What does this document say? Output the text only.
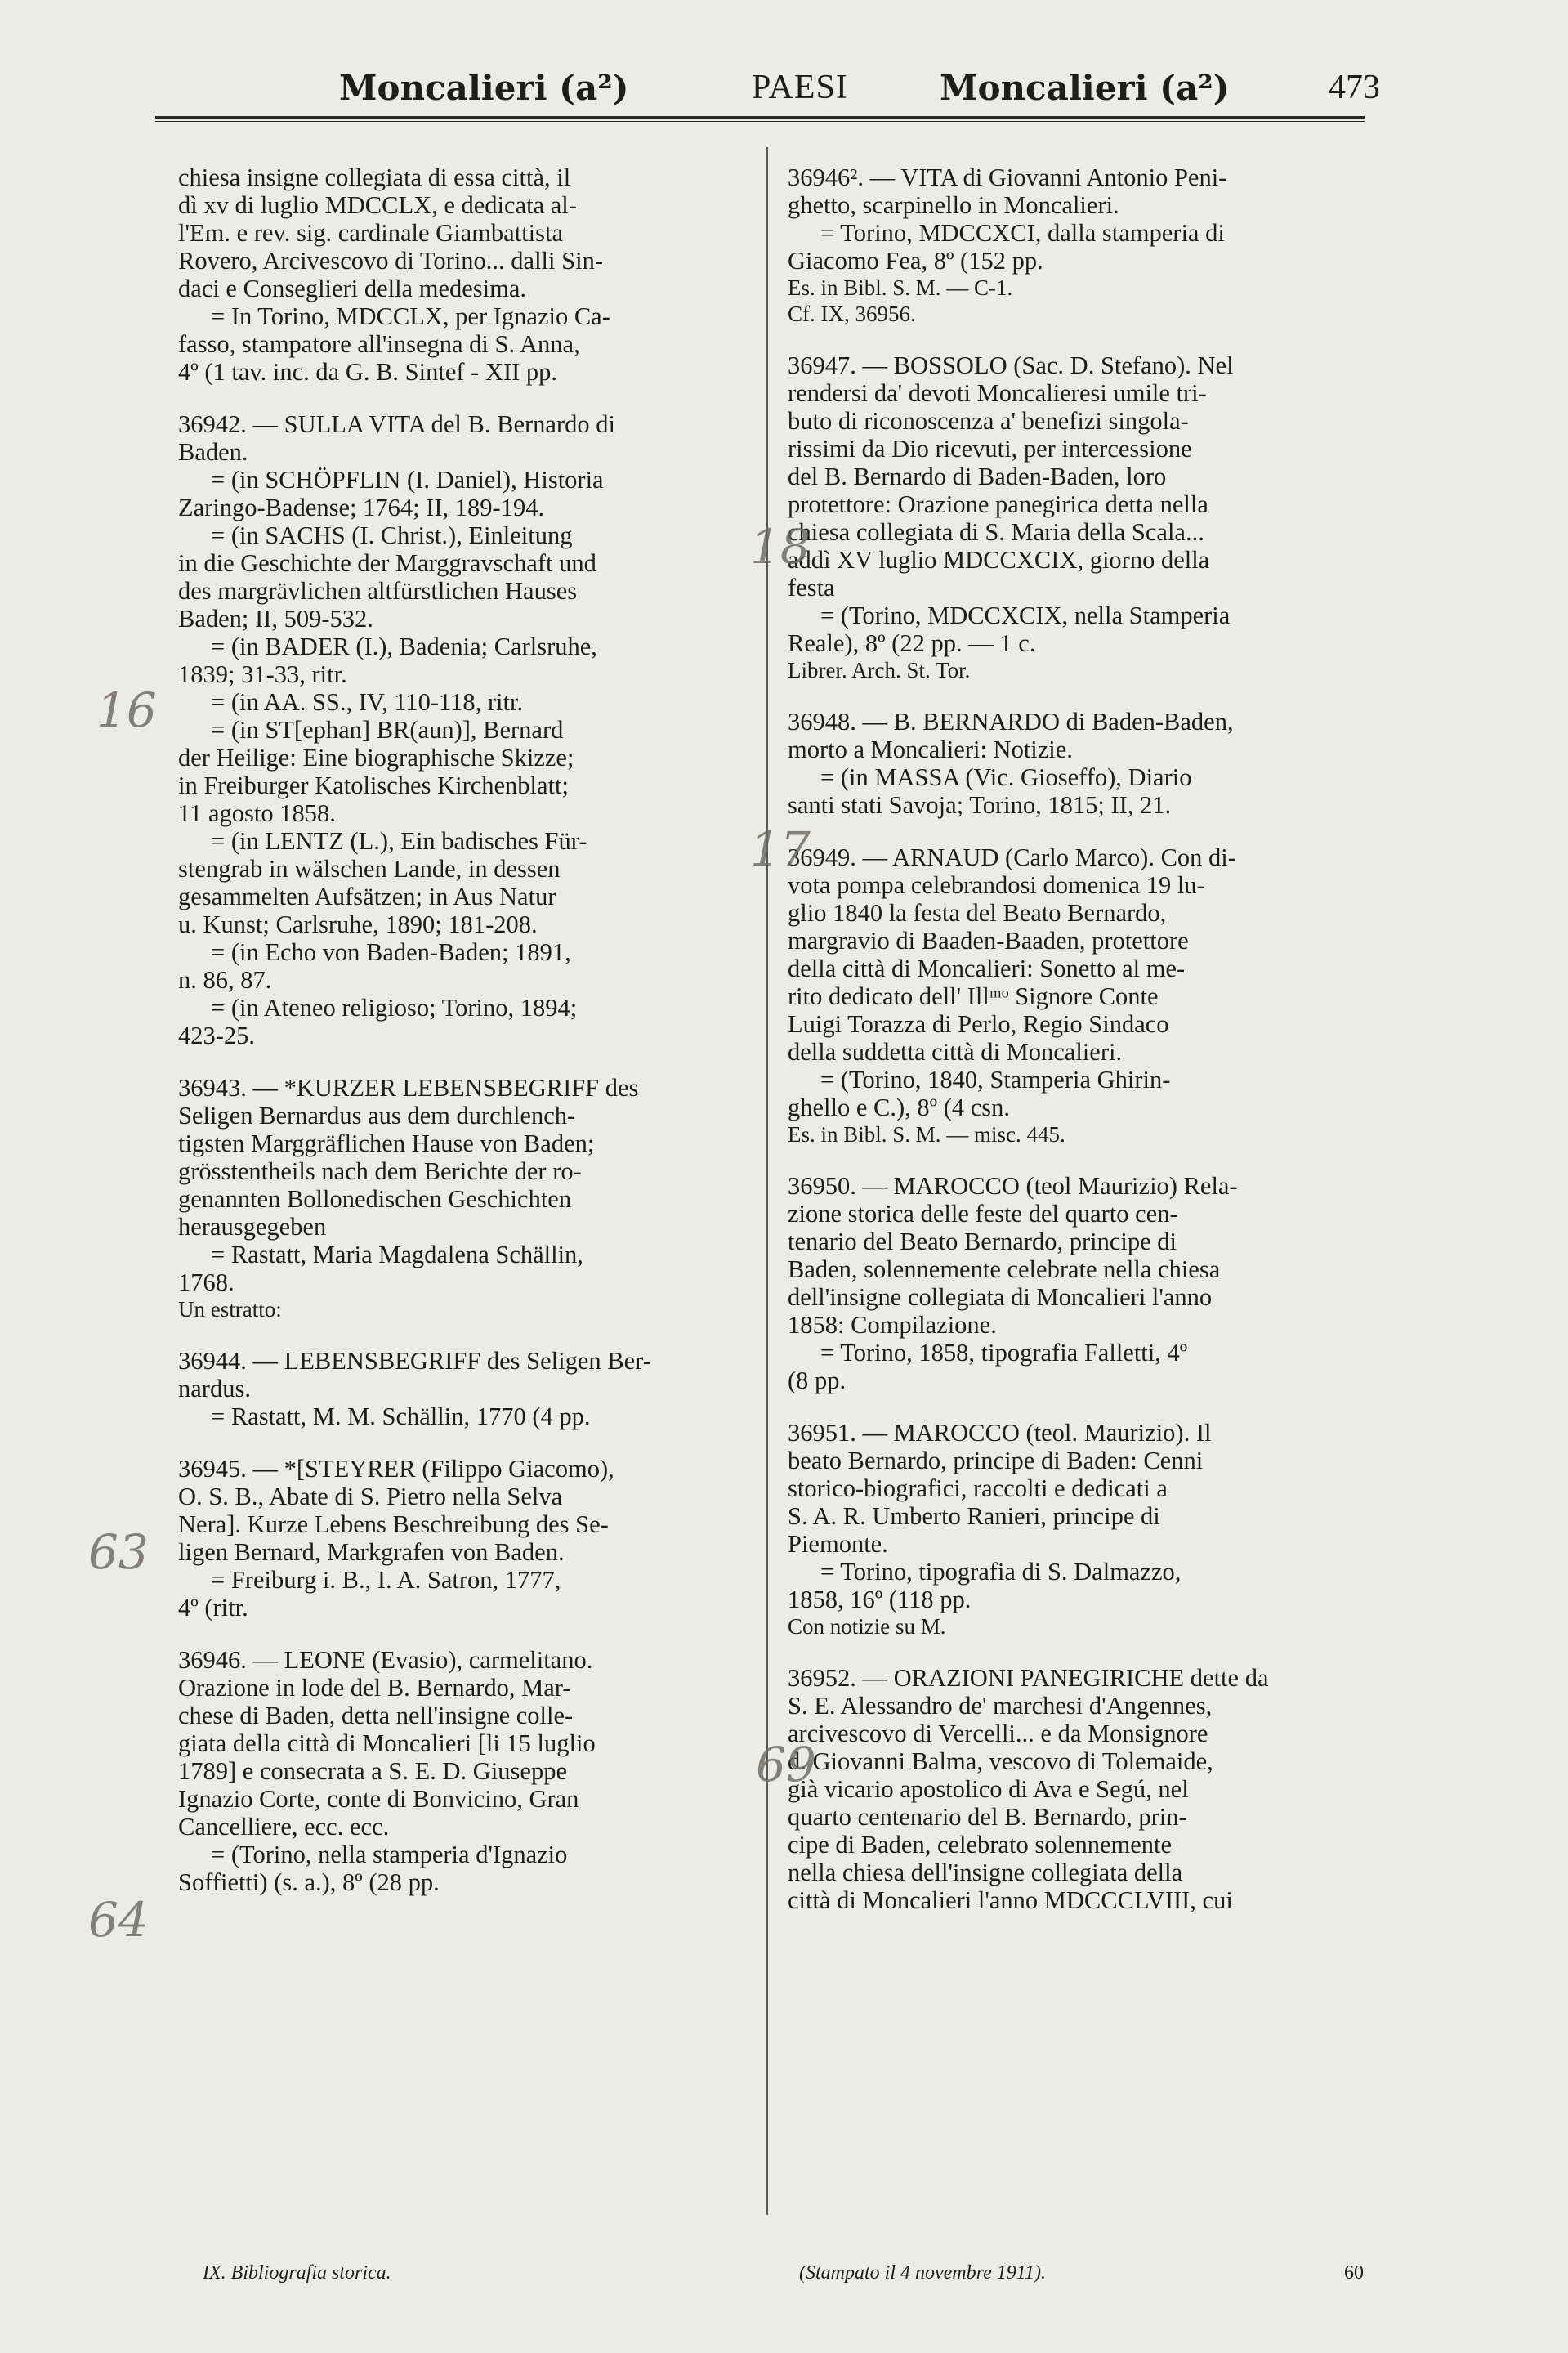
Moncalieri (a²)	PAESI	Moncalieri (a²)	473

chiesa insigne collegiata di essa città, il

dì xv di luglio MDCCLX, e dedicata al-

l'Em. e rev. sig. cardinale Giambattista

Rovero, Arcivescovo di Torino... dalli Sin-

daci e Conseglieri della medesima.

= In Torino, MDCCLX, per Ignazio Ca-

fasso, stampatore all'insegna di S. Anna,

4º (1 tav. inc. da G. B. Sintef - XII pp.

36942. — SULLA VITA del B. Bernardo di

Baden.

= (in SCHÖPFLIN (I. Daniel), Historia

Zaringo-Badense; 1764; II, 189-194.

= (in SACHS (I. Christ.), Einleitung

in die Geschichte der Marggravschaft und

des margrävlichen altfürstlichen Hauses

Baden; II, 509-532.

= (in BADER (I.), Badenia; Carlsruhe,

1839; 31-33, ritr.

= (in AA. SS., IV, 110-118, ritr.

= (in ST[ephan] BR(aun)], Bernard

der Heilige: Eine biographische Skizze;

in Freiburger Katolisches Kirchenblatt;

11 agosto 1858.

= (in LENTZ (L.), Ein badisches Für-

stengrab in wälschen Lande, in dessen

gesammelten Aufsätzen; in Aus Natur

u. Kunst; Carlsruhe, 1890; 181-208.

= (in Echo von Baden-Baden; 1891,

n. 86, 87.

= (in Ateneo religioso; Torino, 1894;

423-25.

36943. — *KURZER LEBENSBEGRIFF des

Seligen Bernardus aus dem durchlench-

tigsten Marggräflichen Hause von Baden;

grösstentheils nach dem Berichte der ro-

genannten Bollonedischen Geschichten

herausgegeben

= Rastatt, Maria Magdalena Schällin,

1768.

Un estratto:

36944. — LEBENSBEGRIFF des Seligen Ber-

nardus.

= Rastatt, M. M. Schällin, 1770 (4 pp.

36945. — *[STEYRER (Filippo Giacomo),

O. S. B., Abate di S. Pietro nella Selva

Nera]. Kurze Lebens Beschreibung des Se-

ligen Bernard, Markgrafen von Baden.

= Freiburg i. B., I. A. Satron, 1777,

4º (ritr.

36946. — LEONE (Evasio), carmelitano.

Orazione in lode del B. Bernardo, Mar-

chese di Baden, detta nell'insigne colle-

giata della città di Moncalieri [li 15 luglio

1789] e consecrata a S. E. D. Giuseppe

Ignazio Corte, conte di Bonvicino, Gran

Cancelliere, ecc. ecc.

= (Torino, nella stamperia d'Ignazio

Soffietti) (s. a.), 8º (28 pp.

36946². — VITA di Giovanni Antonio Peni-

ghetto, scarpinello in Moncalieri.

= Torino, MDCCXCI, dalla stamperia di

Giacomo Fea, 8º (152 pp.

Es. in Bibl. S. M. — C-1.

Cf. IX, 36956.

36947. — BOSSOLO (Sac. D. Stefano). Nel

rendersi da' devoti Moncalieresi umile tri-

buto di riconoscenza a' benefizi singola-

rissimi da Dio ricevuti, per intercessione

del B. Bernardo di Baden-Baden, loro

protettore: Orazione panegirica detta nella

chiesa collegiata di S. Maria della Scala...

addì XV luglio MDCCXCIX, giorno della

festa

= (Torino, MDCCXCIX, nella Stamperia

Reale), 8º (22 pp. — 1 c.

Librer. Arch. St. Tor.

36948. — B. BERNARDO di Baden-Baden,

morto a Moncalieri: Notizie.

= (in MASSA (Vic. Gioseffo), Diario

santi stati Savoja; Torino, 1815; II, 21.

36949. — ARNAUD (Carlo Marco). Con di-

vota pompa celebrandosi domenica 19 lu-

glio 1840 la festa del Beato Bernardo,

margravio di Baaden-Baaden, protettore

della città di Moncalieri: Sonetto al me-

rito dedicato dell' Illᵐᵒ Signore Conte

Luigi Torazza di Perlo, Regio Sindaco

della suddetta città di Moncalieri.

= (Torino, 1840, Stamperia Ghirin-

ghello e C.), 8º (4 csn.

Es. in Bibl. S. M. — misc. 445.

36950. — MAROCCO (teol Maurizio) Rela-

zione storica delle feste del quarto cen-

tenario del Beato Bernardo, principe di

Baden, solennemente celebrate nella chiesa

dell'insigne collegiata di Moncalieri l'anno

1858: Compilazione.

= Torino, 1858, tipografia Falletti, 4º

(8 pp.

36951. — MAROCCO (teol. Maurizio). Il

beato Bernardo, principe di Baden: Cenni

storico-biografici, raccolti e dedicati a

S. A. R. Umberto Ranieri, principe di

Piemonte.

= Torino, tipografia di S. Dalmazzo,

1858, 16º (118 pp.

Con notizie su M.

36952. — ORAZIONI PANEGIRICHE dette da

S. E. Alessandro de' marchesi d'Angennes,

arcivescovo di Vercelli... e da Monsignore

d. Giovanni Balma, vescovo di Tolemaide,

già vicario apostolico di Ava e Segú, nel

quarto centenario del B. Bernardo, prin-

cipe di Baden, celebrato solennemente

nella chiesa dell'insigne collegiata della

città di Moncalieri l'anno MDCCCLVIII, cui

16
63
64
18
17
69
IX. Bibliografia storica.	(Stampato il 4 novembre 1911).	60
